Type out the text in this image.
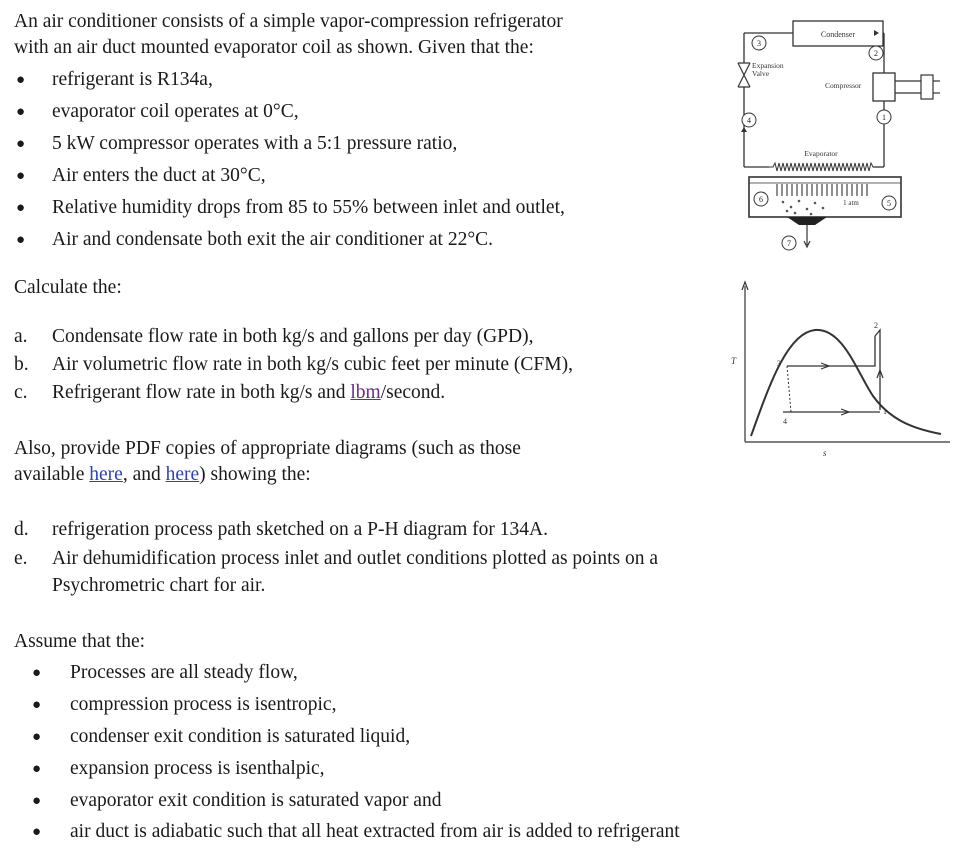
An air conditioner consists of a simple vapor-compression refrigerator
with an air duct mounted evaporator coil as shown. Given that the:
● refrigerant is R134a,
● evaporator coil operates at 0°C,
● 5 kW compressor operates with a 5:1 pressure ratio,
● Air enters the duct at 30°C,
● Relative humidity drops from 85 to 55% between inlet and outlet,
● Air and condensate both exit the air conditioner at 22°C.
Calculate the:
a. Condensate flow rate in both kg/s and gallons per day (GPD),
b. Air volumetric flow rate in both kg/s cubic feet per minute (CFM),
c. Refrigerant flow rate in both kg/s and lbm/second.
Also, provide PDF copies of appropriate diagrams (such as those
available here, and here) showing the:
d. refrigeration process path sketched on a P-H diagram for 134A.
e. Air dehumidification process inlet and outlet conditions plotted as points on a
Psychrometric chart for air.
Assume that the:
● Processes are all steady flow,
● compression process is isentropic,
● condenser exit condition is saturated liquid,
● expansion process is isenthalpic,
● evaporator exit condition is saturated vapor and
● air duct is adiabatic such that all heat extracted from air is added to refrigerant
Condenser
Expansion
Valve
Compressor
Evaporator
1 atm
3
2
1
4
5
6
7
T
s
2
3
4
1
